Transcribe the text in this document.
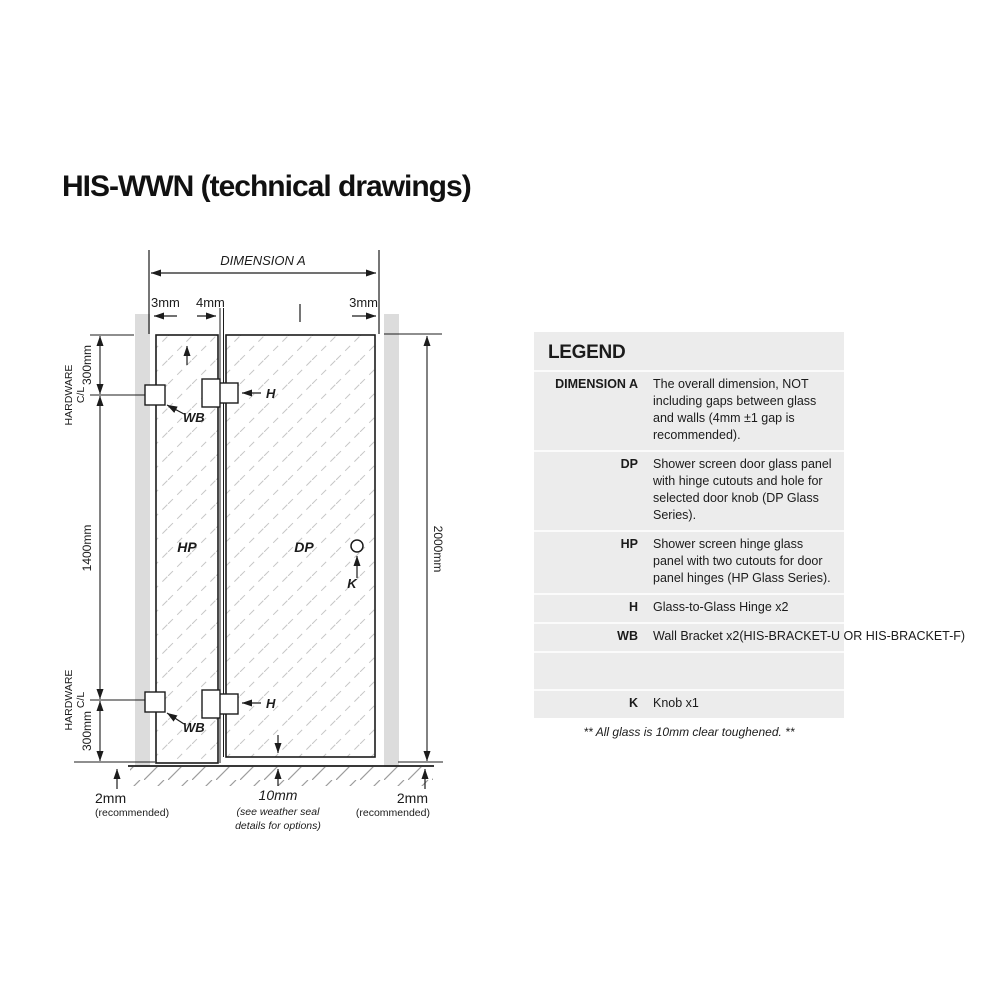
HIS-WWN (technical drawings)
DIMENSION A
3mm 4mm	3mm
300mm
1400mm
300mm
C/L
HARDWARE
C/L
HARDWARE
2000mm
HP	DP
WB
WB
H
H
K
2mm
(recommended)
10mm
(see weather seal
details for options)
2mm
(recommended)
LEGEND
DIMENSION A The overall dimension, NOT including gaps between glass and walls (4mm ±1 gap is recommended).
DP Shower screen door glass panel with hinge cutouts and hole for selected door knob (DP Glass Series).
HP Shower screen hinge glass panel with two cutouts for door panel hinges (HP Glass Series).
H Glass-to-Glass Hinge x2
WB Wall Bracket x2(HIS-BRACKET-U OR HIS-BRACKET-F)
K Knob x1
** All glass is 10mm clear toughened. **
